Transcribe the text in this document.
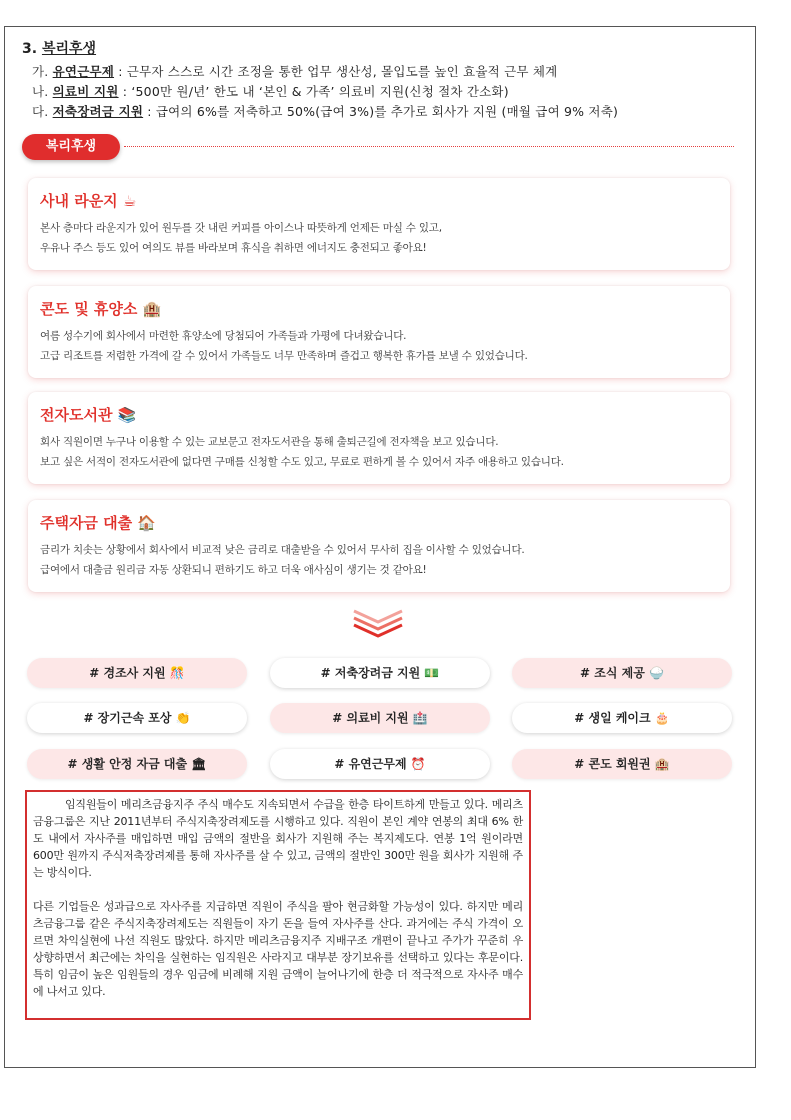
3. 복리후생
가. 유연근무제 : 근무자 스스로 시간 조정을 통한 업무 생산성, 몰입도를 높인 효율적 근무 체계
나. 의료비 지원 : ‘500만 원/년’ 한도 내 ‘본인 & 가족’ 의료비 지원(신청 절차 간소화)
다. 저축장려금 지원 : 급여의 6%를 저축하고 50%(급여 3%)를 추가로 회사가 지원 (매월 급여 9% 저축)
복리후생
사내 라운지 ☕
본사 층마다 라운지가 있어 원두를 갓 내린 커피를 아이스나 따뜻하게 언제든 마실 수 있고,
우유나 주스 등도 있어 여의도 뷰를 바라보며 휴식을 취하면 에너지도 충전되고 좋아요!
콘도 및 휴양소 🏨
여름 성수기에 회사에서 마련한 휴양소에 당첨되어 가족들과 가평에 다녀왔습니다.
고급 리조트를 저렴한 가격에 갈 수 있어서 가족들도 너무 만족하며 즐겁고 행복한 휴가를 보낼 수 있었습니다.
전자도서관 📚
회사 직원이면 누구나 이용할 수 있는 교보문고 전자도서관을 통해 출퇴근길에 전자책을 보고 있습니다.
보고 싶은 서적이 전자도서관에 없다면 구매를 신청할 수도 있고, 무료로 편하게 볼 수 있어서 자주 애용하고 있습니다.
주택자금 대출 🏠
금리가 치솟는 상황에서 회사에서 비교적 낮은 금리로 대출받을 수 있어서 무사히 집을 이사할 수 있었습니다.
급여에서 대출금 원리금 자동 상환되니 편하기도 하고 더욱 애사심이 생기는 것 같아요!
# 경조사 지원 🎊	# 저축장려금 지원 💵	# 조식 제공 🍚
# 장기근속 포상 👏	# 의료비 지원 🏥	# 생일 케이크 🎂
# 생활 안정 자금 대출 🏛	# 유연근무제 ⏰	# 콘도 회원권 🏨

임직원들이 메리츠금융지주 주식 매수도 지속되면서 수급을 한층 타이트하게 만들고 있다. 메리츠금융그룹은 지난 2011년부터 주식지축장려제도를 시행하고 있다. 직원이 본인 계약 연봉의 최대 6% 한도 내에서 자사주를 매입하면 매입 금액의 절반을 회사가 지원해 주는 복지제도다. 연봉 1억 원이라면 600만 원까지 주식저축장려제를 통해 자사주를 살 수 있고, 금액의 절반인 300만 원을 회사가 지원해 주는 방식이다.

다른 기업들은 성과급으로 자사주를 지급하면 직원이 주식을 팔아 현금화할 가능성이 있다. 하지만 메리츠금융그룹 같은 주식지축장려제도는 직원들이 자기 돈을 들여 자사주를 산다. 과거에는 주식 가격이 오르면 차익실현에 나선 직원도 많았다. 하지만 메리츠금융지주 지배구조 개편이 끝나고 주가가 꾸준히 우상향하면서 최근에는 차익을 실현하는 임직원은 사라지고 대부분 장기보유를 선택하고 있다는 후문이다. 특히 임금이 높은 임원들의 경우 임금에 비례해 지원 금액이 늘어나기에 한층 더 적극적으로 자사주 매수에 나서고 있다.
